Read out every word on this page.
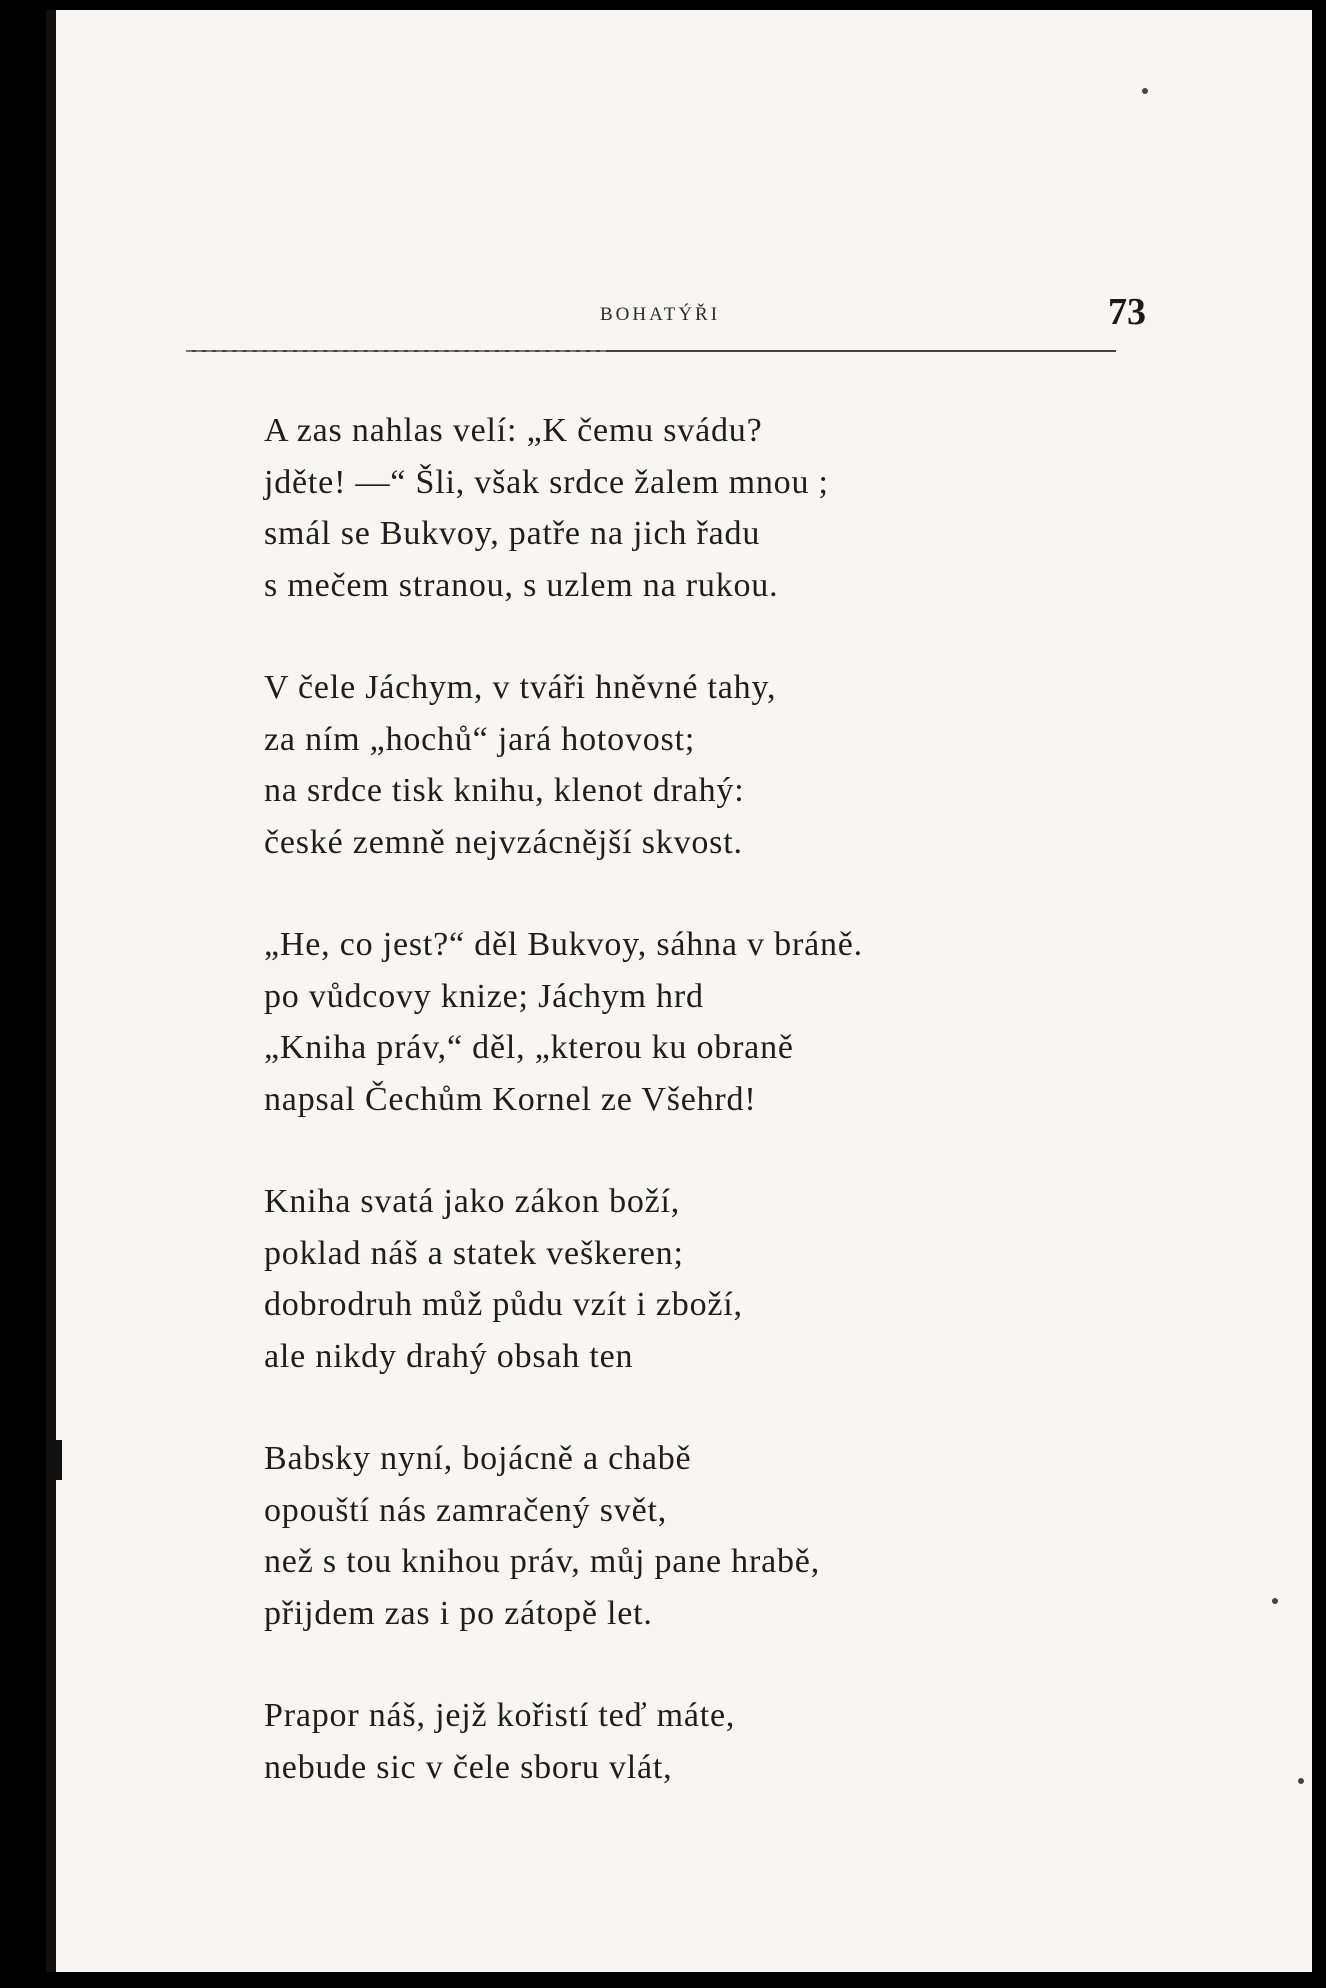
BOHATÝŘI	73
A zas nahlas velí: „K čemu svádu?
jděte! —“ Šli, však srdce žalem mnou ;
smál se Bukvoy, patře na jich řadu
s mečem stranou, s uzlem na rukou.
V čele Jáchym, v tváři hněvné tahy,
za ním „hochů“ jará hotovost;
na srdce tisk knihu, klenot drahý:
české zemně nejvzácnější skvost.
„He, co jest?“ děl Bukvoy, sáhna v bráně.
po vůdcovy knize; Jáchym hrd
„Kniha práv,“ děl, „kterou ku obraně
napsal Čechům Kornel ze Všehrd!
Kniha svatá jako zákon boží,
poklad náš a statek veškeren;
dobrodruh můž půdu vzít i zboží,
ale nikdy drahý obsah ten
Babsky nyní, bojácně a chabě
opouští nás zamračený svět,
než s tou knihou práv, můj pane hrabě,
přijdem zas i po zátopě let.
Prapor náš, jejž kořistí teď máte,
nebude sic v čele sboru vlát,
